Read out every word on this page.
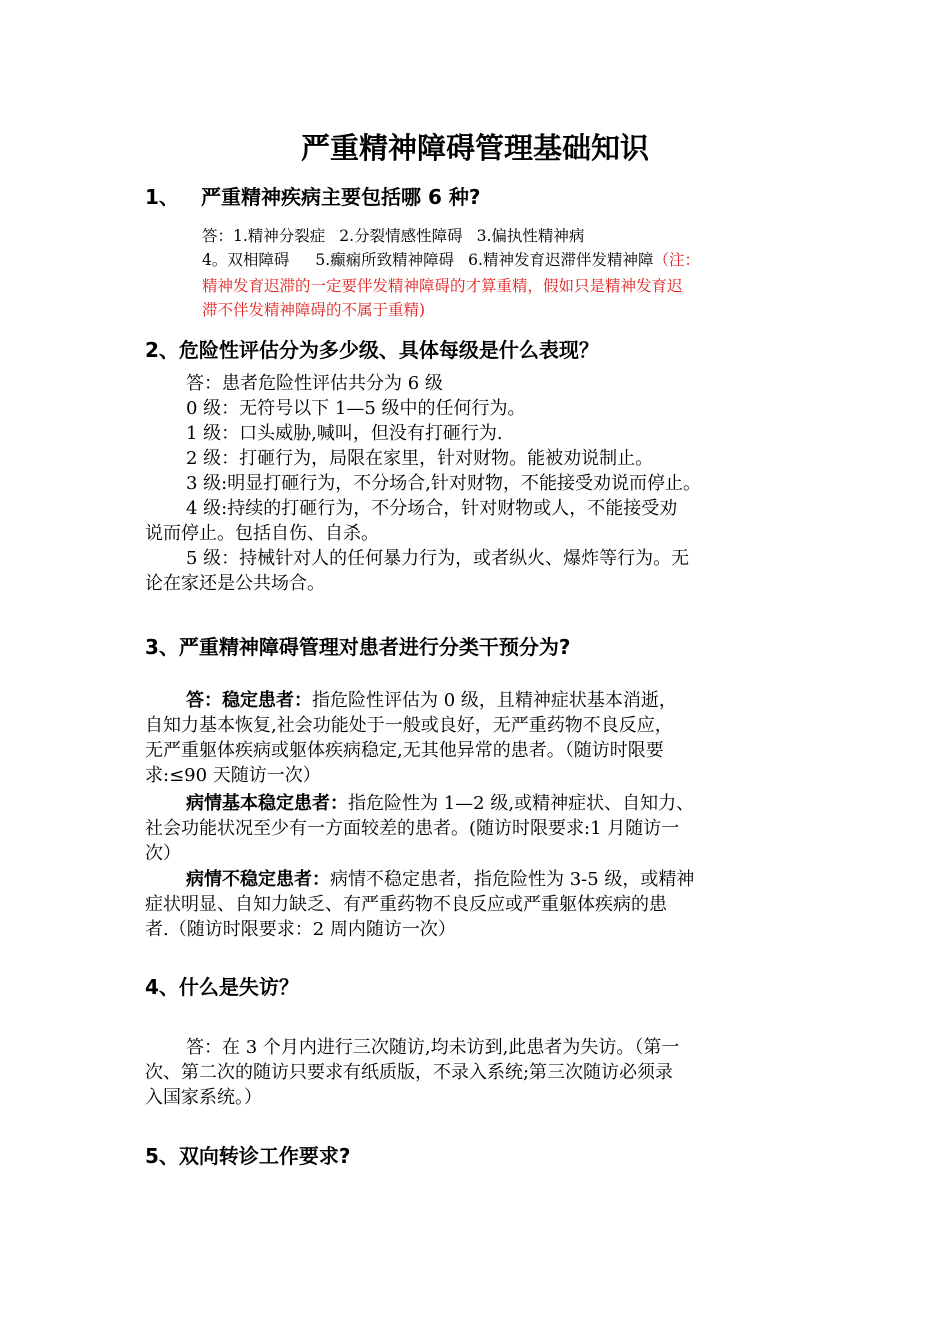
严重精神障碍管理基础知识
1、 严重精神疾病主要包括哪 6 种?
答：1.精神分裂症 2.分裂情感性障碍 3.偏执性精神病
4。双相障碍 5.癫痫所致精神障碍 6.精神发育迟滞伴发精神障（注：
精神发育迟滞的一定要伴发精神障碍的才算重精，假如只是精神发育迟
滞不伴发精神障碍的不属于重精)
2、危险性评估分为多少级、具体每级是什么表现？
答：患者危险性评估共分为 6 级
0 级：无符号以下 1—5 级中的任何行为。
1 级：口头威胁,喊叫，但没有打砸行为.
2 级：打砸行为，局限在家里，针对财物。能被劝说制止。
3 级:明显打砸行为，不分场合,针对财物，不能接受劝说而停止。
4 级:持续的打砸行为，不分场合，针对财物或人，不能接受劝
说而停止。包括自伤、自杀。
5 级：持械针对人的任何暴力行为，或者纵火、爆炸等行为。无
论在家还是公共场合。
3、严重精神障碍管理对患者进行分类干预分为?
答：稳定患者：指危险性评估为 0 级，且精神症状基本消逝，
自知力基本恢复,社会功能处于一般或良好，无严重药物不良反应，
无严重躯体疾病或躯体疾病稳定,无其他异常的患者。（随访时限要
求:≤90 天随访一次）
病情基本稳定患者：指危险性为 1—2 级,或精神症状、自知力、
社会功能状况至少有一方面较差的患者。(随访时限要求:1 月随访一
次）
病情不稳定患者：病情不稳定患者，指危险性为 3-5 级，或精神
症状明显、自知力缺乏、有严重药物不良反应或严重躯体疾病的患
者.（随访时限要求：2 周内随访一次）
4、什么是失访？
答：在 3 个月内进行三次随访,均未访到,此患者为失访。（第一
次、第二次的随访只要求有纸质版，不录入系统;第三次随访必须录
入国家系统。）
5、双向转诊工作要求?
